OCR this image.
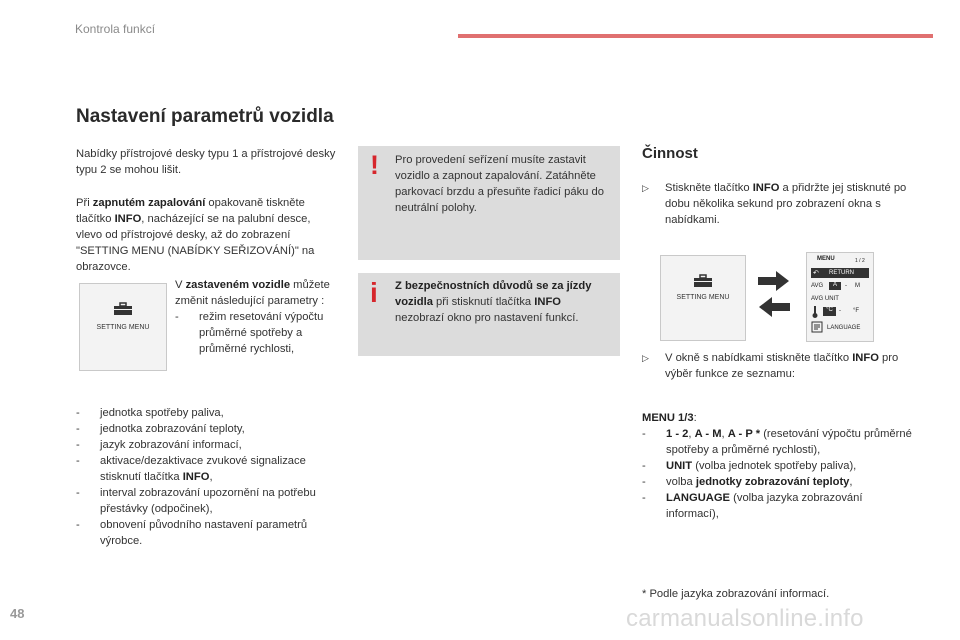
Kontrola funkcí
Nastavení parametrů vozidla
Nabídky přístrojové desky typu 1 a přístrojové desky typu 2 se mohou lišit.
Při zapnutém zapalování opakovaně tiskněte tlačítko INFO, nacházející se na palubní desce, vlevo od přístrojové desky, až do zobrazení "SETTING MENU (NABÍDKY SEŘIZOVÁNÍ)" na obrazovce.
SETTING MENU
V zastaveném vozidle můžete změnit následující parametry :
- režim resetování výpočtu průměrné spotřeby a průměrné rychlosti,
- jednotka spotřeby paliva,
- jednotka zobrazování teploty,
- jazyk zobrazování informací,
- aktivace/dezaktivace zvukové signalizace stisknutí tlačítka INFO,
- interval zobrazování upozornění na potřebu přestávky (odpočinek),
- obnovení původního nastavení parametrů výrobce.
! Pro provedení seřízení musíte zastavit vozidlo a zapnout zapalování. Zatáhněte parkovací brzdu a přesuňte řadicí páku do neutrální polohy.
i Z bezpečnostních důvodů se za jízdy vozidla při stisknutí tlačítka INFO nezobrazí okno pro nastavení funkcí.
Činnost
▷	Stiskněte tlačítko INFO a přidržte jej stisknuté po dobu několika sekund pro zobrazení okna s nabídkami.
SETTING MENU
MENU	1 / 2
↶ RETURN
AVG	A	- M
AVG UNIT
°C	- °F
LANGUAGE
▷	V okně s nabídkami stiskněte tlačítko INFO pro výběr funkce ze seznamu:
MENU 1/3:
- 1 - 2, A - M, A - P * (resetování výpočtu průměrné spotřeby a průměrné rychlosti),
- UNIT (volba jednotek spotřeby paliva),
- volba jednotky zobrazování teploty,
- LANGUAGE (volba jazyka zobrazování informací),
* Podle jazyka zobrazování informací.
48	carmanualsonline.info
